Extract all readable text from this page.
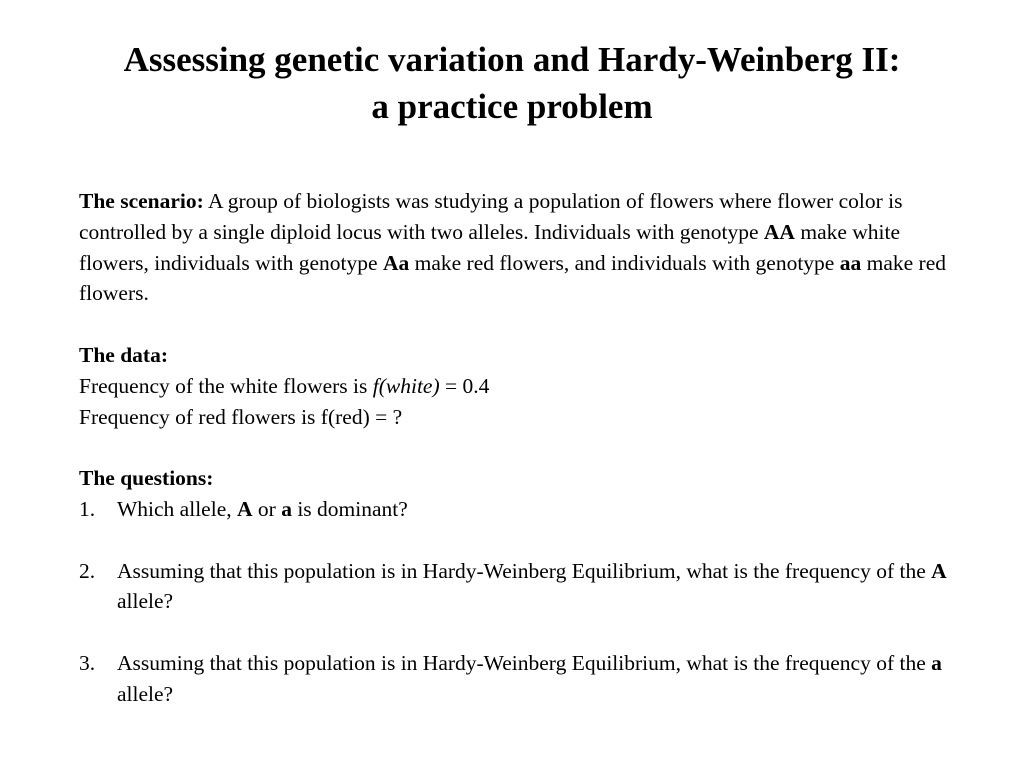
Assessing genetic variation and Hardy-Weinberg II:
a practice problem

The scenario: A group of biologists was studying a population of flowers where flower color is controlled by a single diploid locus with two alleles. Individuals with genotype AA make white flowers, individuals with genotype Aa make red flowers, and individuals with genotype aa make red flowers.

The data:

Frequency of the white flowers is f(white) = 0.4

Frequency of red flowers is f(red) = ?

The questions:

1. Which allele, A or a is dominant?

2. Assuming that this population is in Hardy-Weinberg Equilibrium, what is the frequency of the A allele?

3. Assuming that this population is in Hardy-Weinberg Equilibrium, what is the frequency of the a allele?
